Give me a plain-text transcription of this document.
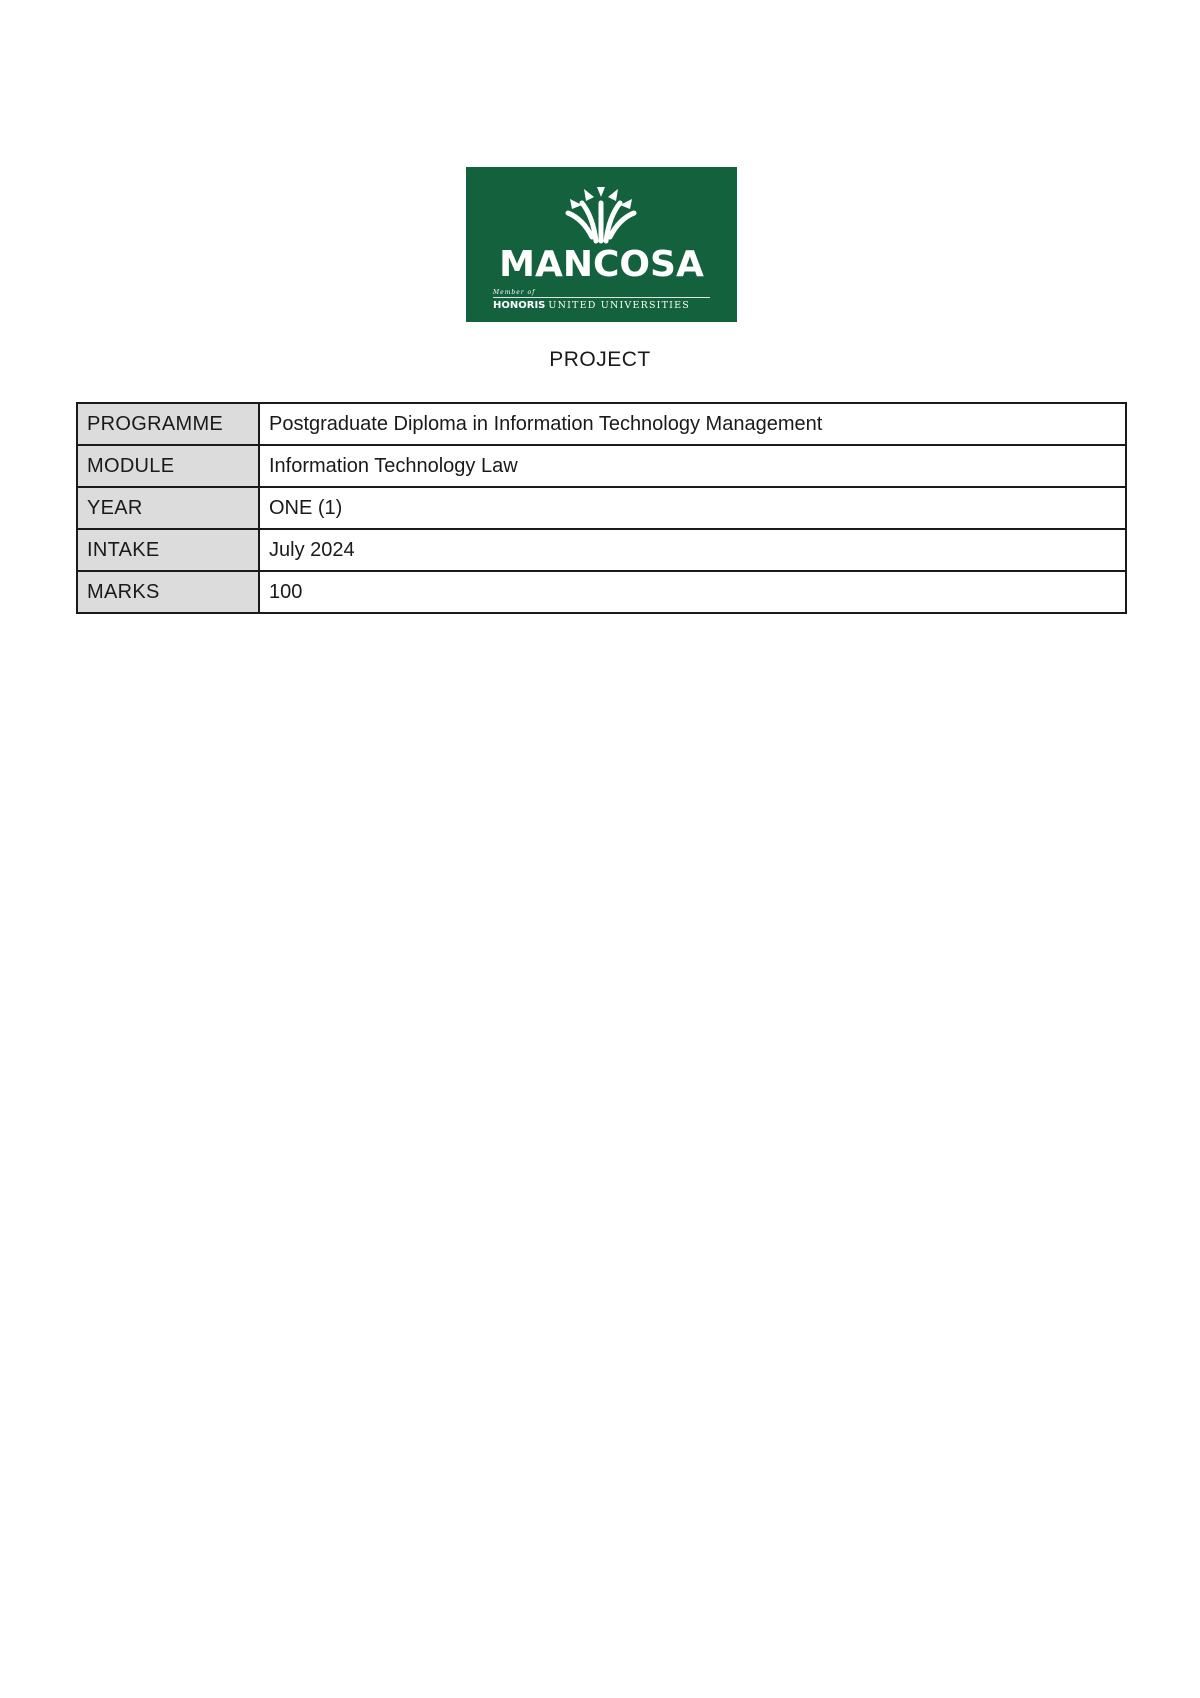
MANCOSA
Member of
HONORIS UNITED UNIVERSITIES
PROJECT
PROGRAMME	Postgraduate Diploma in Information Technology Management
MODULE	Information Technology Law
YEAR	ONE (1)
INTAKE	July 2024
MARKS	100
